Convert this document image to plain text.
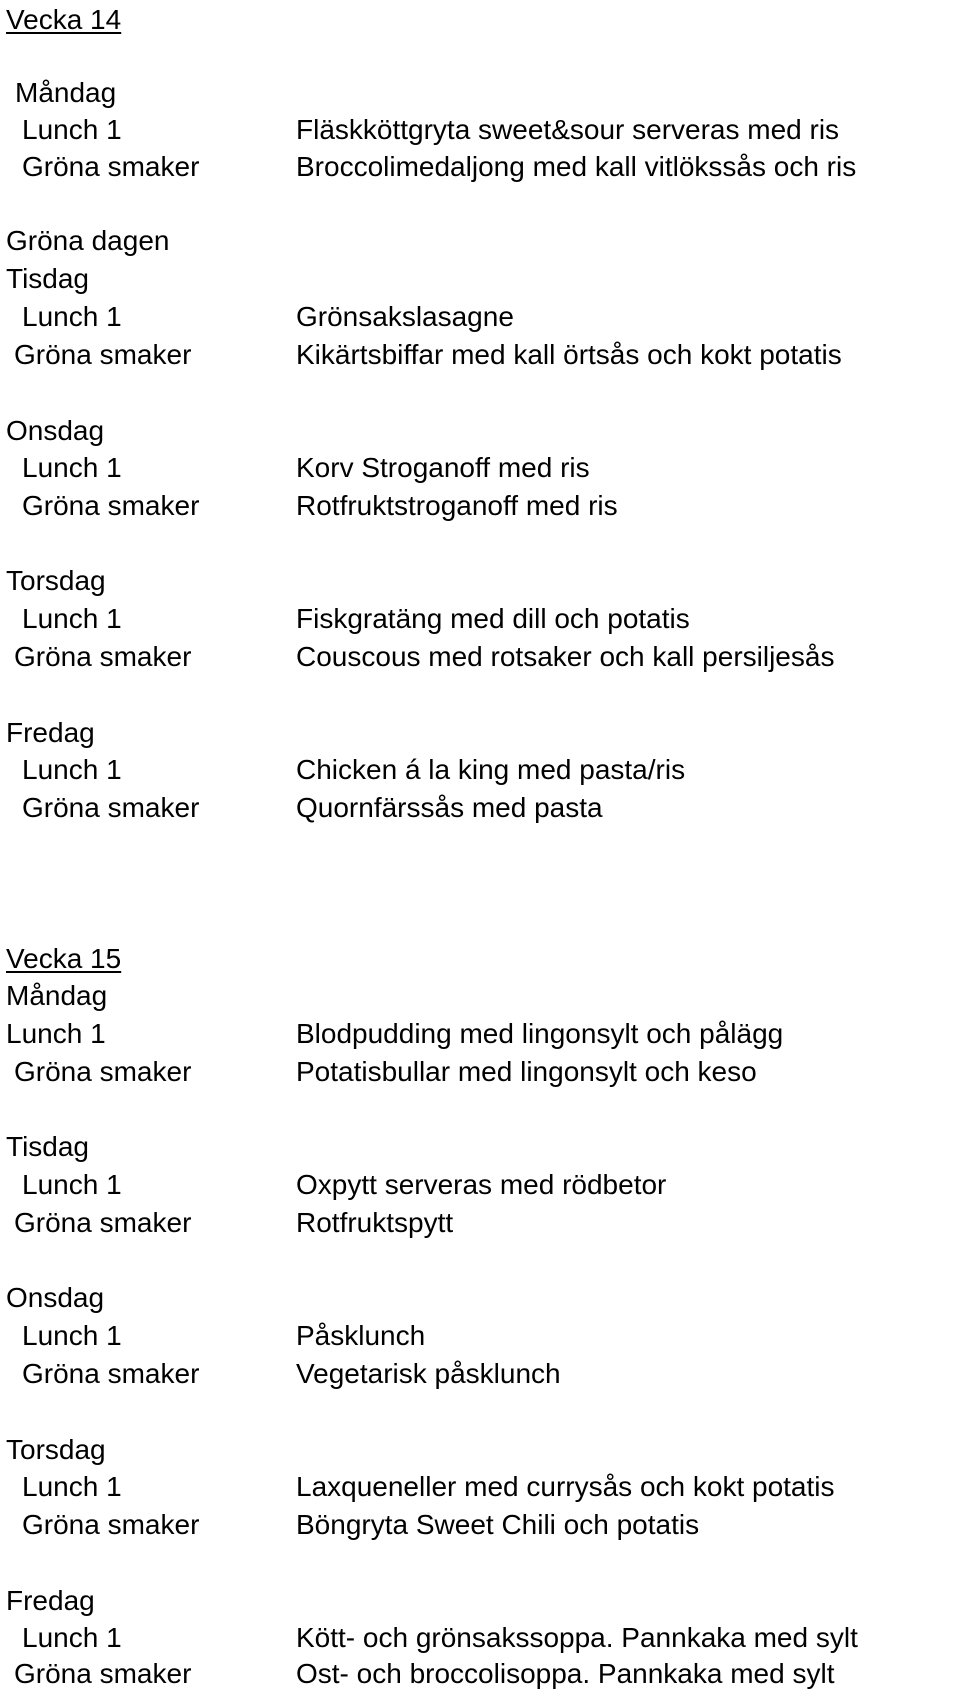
Vecka 14
Måndag
Lunch 1	Fläskköttgryta sweet&sour serveras med ris
Gröna smaker	Broccolimedaljong med kall vitlökssås och ris
Gröna dagen
Tisdag
Lunch 1	Grönsakslasagne
Gröna smaker	Kikärtsbiffar med kall örtsås och kokt potatis
Onsdag
Lunch 1	Korv Stroganoff med ris
Gröna smaker	Rotfruktstroganoff med ris
Torsdag
Lunch 1	Fiskgratäng med dill och potatis
Gröna smaker	Couscous med rotsaker och kall persiljesås
Fredag
Lunch 1	Chicken á la king med pasta/ris
Gröna smaker	Quornfärssås med pasta
Vecka 15
Måndag
Lunch 1	Blodpudding med lingonsylt och pålägg
Gröna smaker	Potatisbullar med lingonsylt och keso
Tisdag
Lunch 1	Oxpytt serveras med rödbetor
Gröna smaker	Rotfruktspytt
Onsdag
Lunch 1	Påsklunch
Gröna smaker	Vegetarisk påsklunch
Torsdag
Lunch 1	Laxqueneller med currysås och kokt potatis
Gröna smaker	Böngryta Sweet Chili och potatis
Fredag
Lunch 1	Kött- och grönsakssoppa. Pannkaka med sylt
Gröna smaker	Ost- och broccolisoppa. Pannkaka med sylt
